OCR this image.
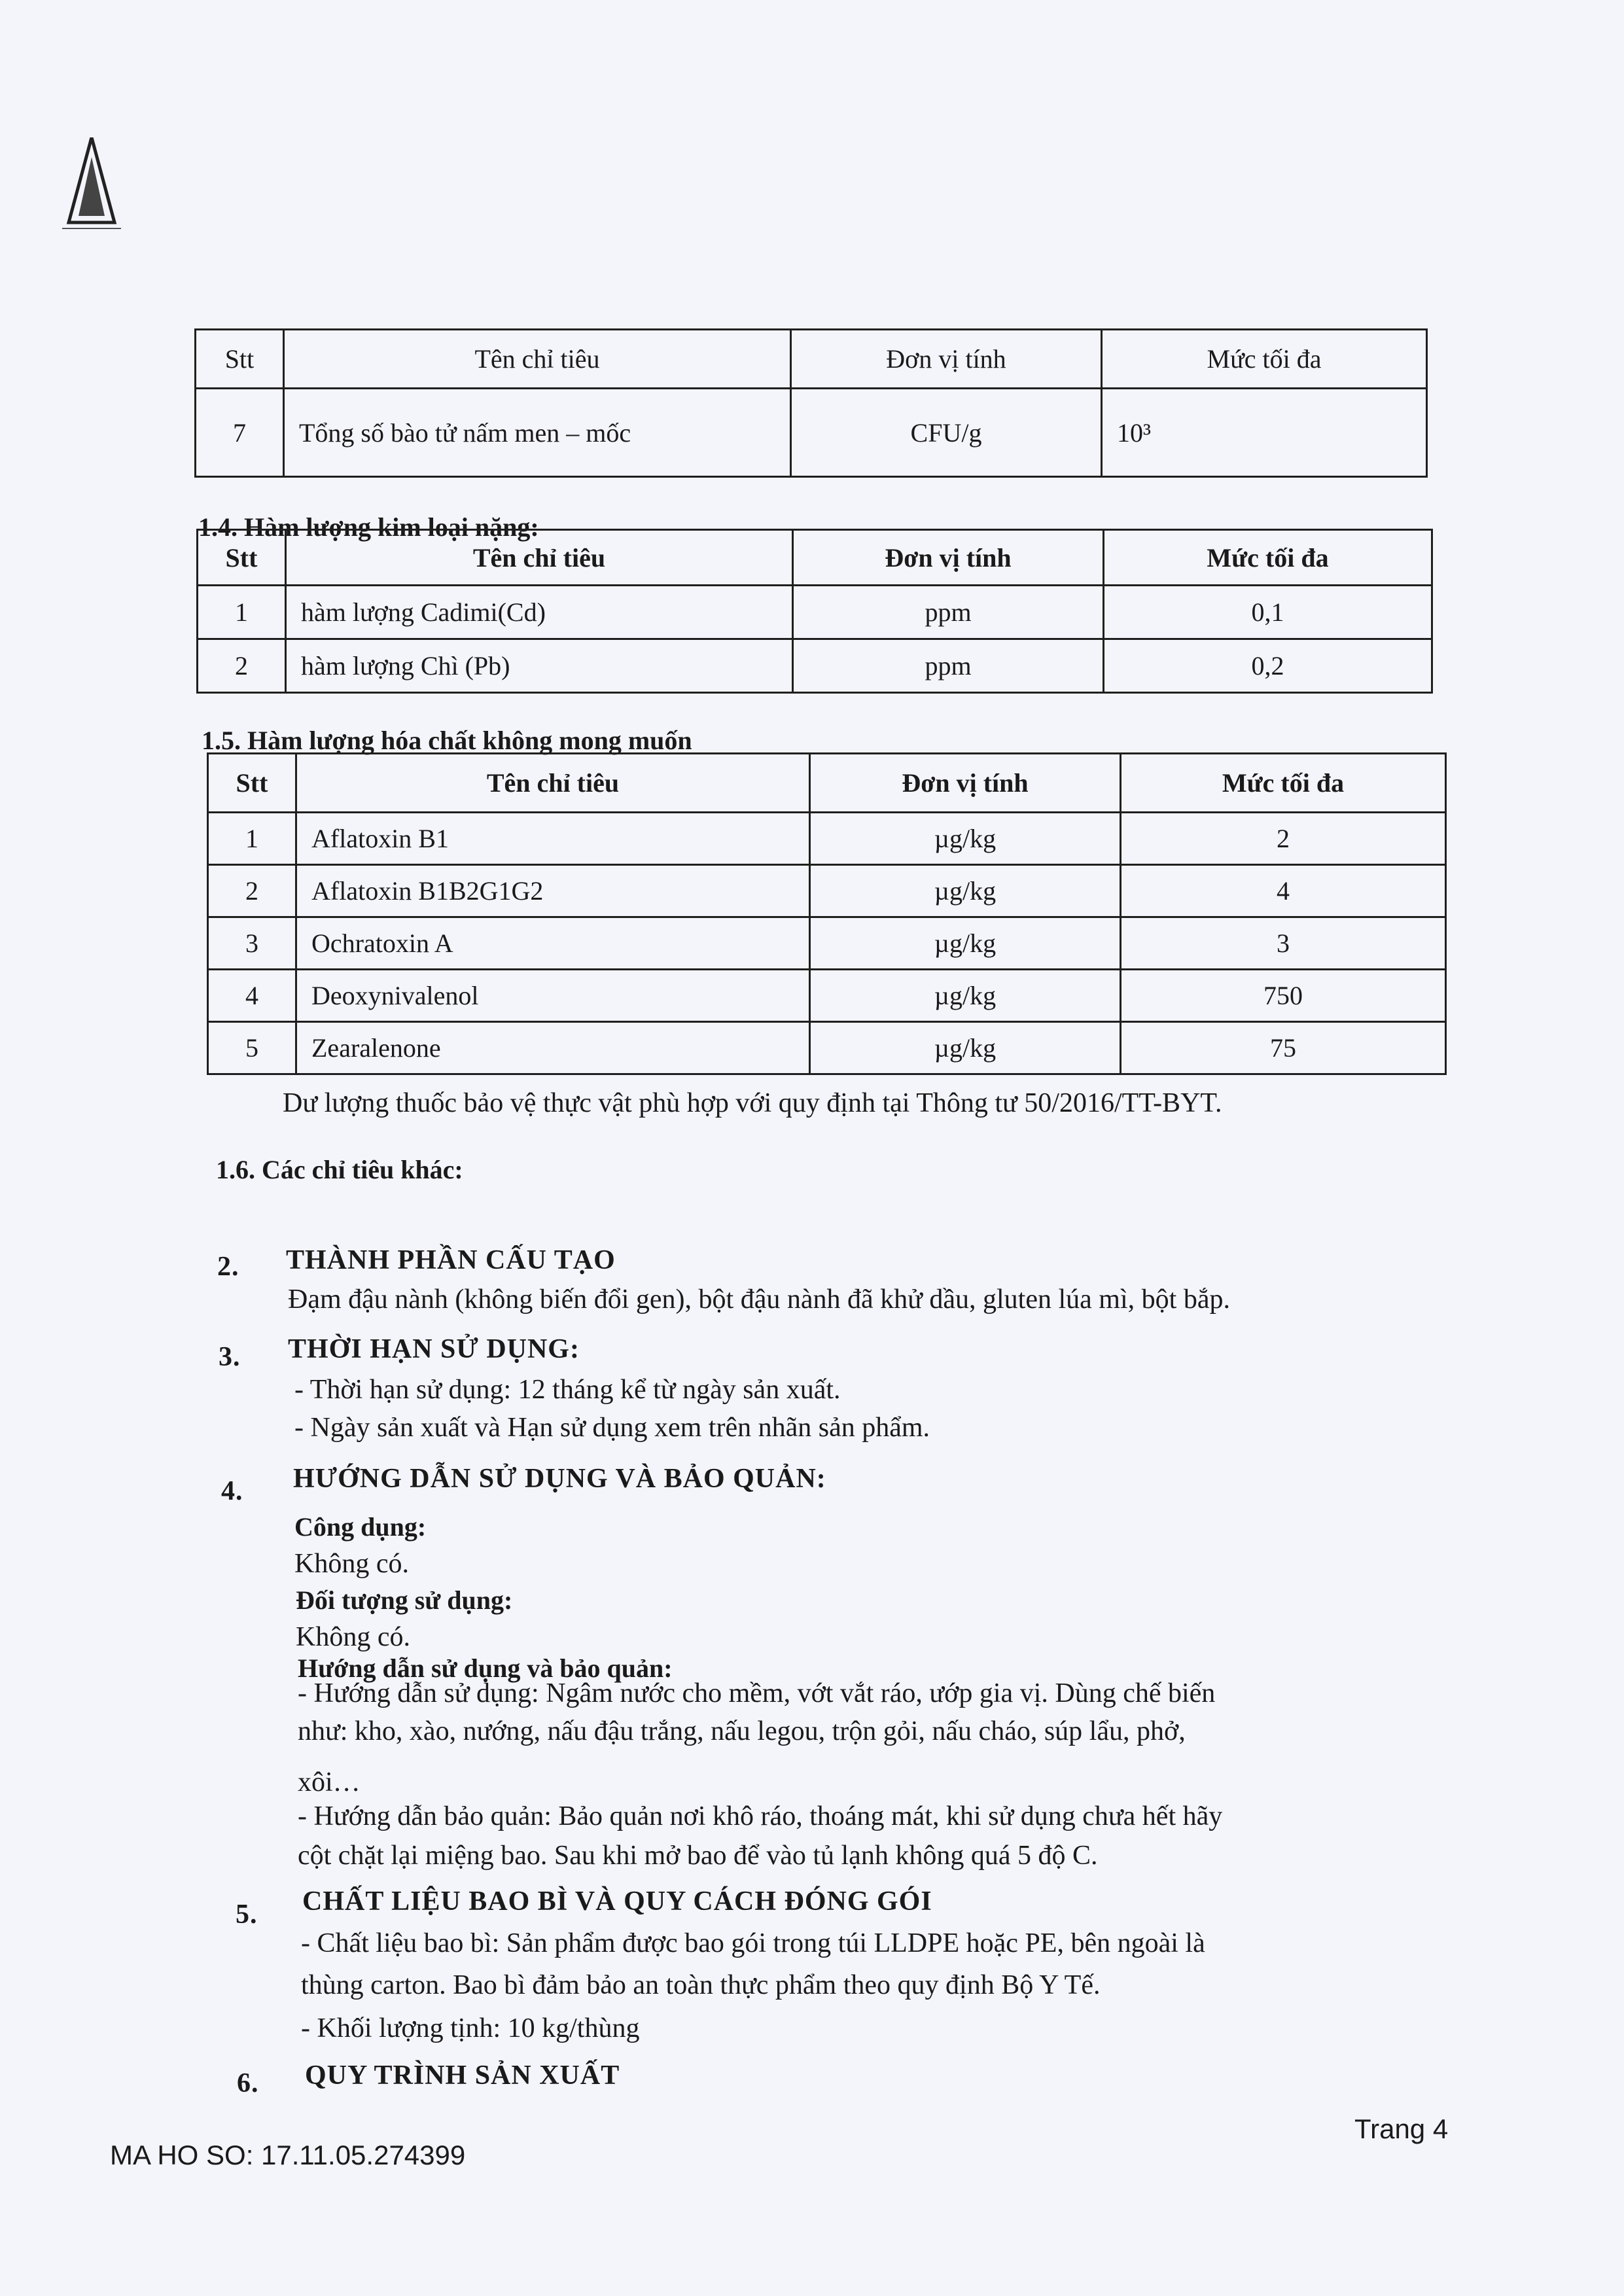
Stt	Tên chỉ tiêu	Đơn vị tính	Mức tối đa
7	Tổng số bào tử nấm men – mốc	CFU/g	10³
1.4. Hàm lượng kim loại nặng:
Stt	Tên chỉ tiêu	Đơn vị tính	Mức tối đa
1	hàm lượng Cadimi(Cd)	ppm	0,1
2	hàm lượng Chì (Pb)	ppm	0,2
1.5. Hàm lượng hóa chất không mong muốn
Stt	Tên chỉ tiêu	Đơn vị tính	Mức tối đa
1	Aflatoxin B1	µg/kg	2
2	Aflatoxin B1B2G1G2	µg/kg	4
3	Ochratoxin A	µg/kg	3
4	Deoxynivalenol	µg/kg	750
5	Zearalenone	µg/kg	75
Dư lượng thuốc bảo vệ thực vật phù hợp với quy định tại Thông tư 50/2016/TT-BYT.
1.6. Các chỉ tiêu khác:
2. THÀNH PHẦN CẤU TẠO
Đạm đậu nành (không biến đổi gen), bột đậu nành đã khử dầu, gluten lúa mì, bột bắp.
3. THỜI HẠN SỬ DỤNG:
- Thời hạn sử dụng: 12 tháng kể từ ngày sản xuất.
- Ngày sản xuất và Hạn sử dụng xem trên nhãn sản phẩm.
4. HƯỚNG DẪN SỬ DỤNG VÀ BẢO QUẢN:
Công dụng:
Không có.
Đối tượng sử dụng:
Không có.
Hướng dẫn sử dụng và bảo quản:
- Hướng dẫn sử dụng: Ngâm nước cho mềm, vớt vắt ráo, ướp gia vị. Dùng chế biến
như: kho, xào, nướng, nấu đậu trắng, nấu legou, trộn gỏi, nấu cháo, súp lẩu, phở,
xôi…
- Hướng dẫn bảo quản: Bảo quản nơi khô ráo, thoáng mát, khi sử dụng chưa hết hãy
cột chặt lại miệng bao. Sau khi mở bao để vào tủ lạnh không quá 5 độ C.
5. CHẤT LIỆU BAO BÌ VÀ QUY CÁCH ĐÓNG GÓI
- Chất liệu bao bì: Sản phẩm được bao gói trong túi LLDPE hoặc PE, bên ngoài là
thùng carton. Bao bì đảm bảo an toàn thực phẩm theo quy định Bộ Y Tế.
- Khối lượng tịnh: 10 kg/thùng
6. QUY TRÌNH SẢN XUẤT
MA HO SO: 17.11.05.274399
Trang 4
